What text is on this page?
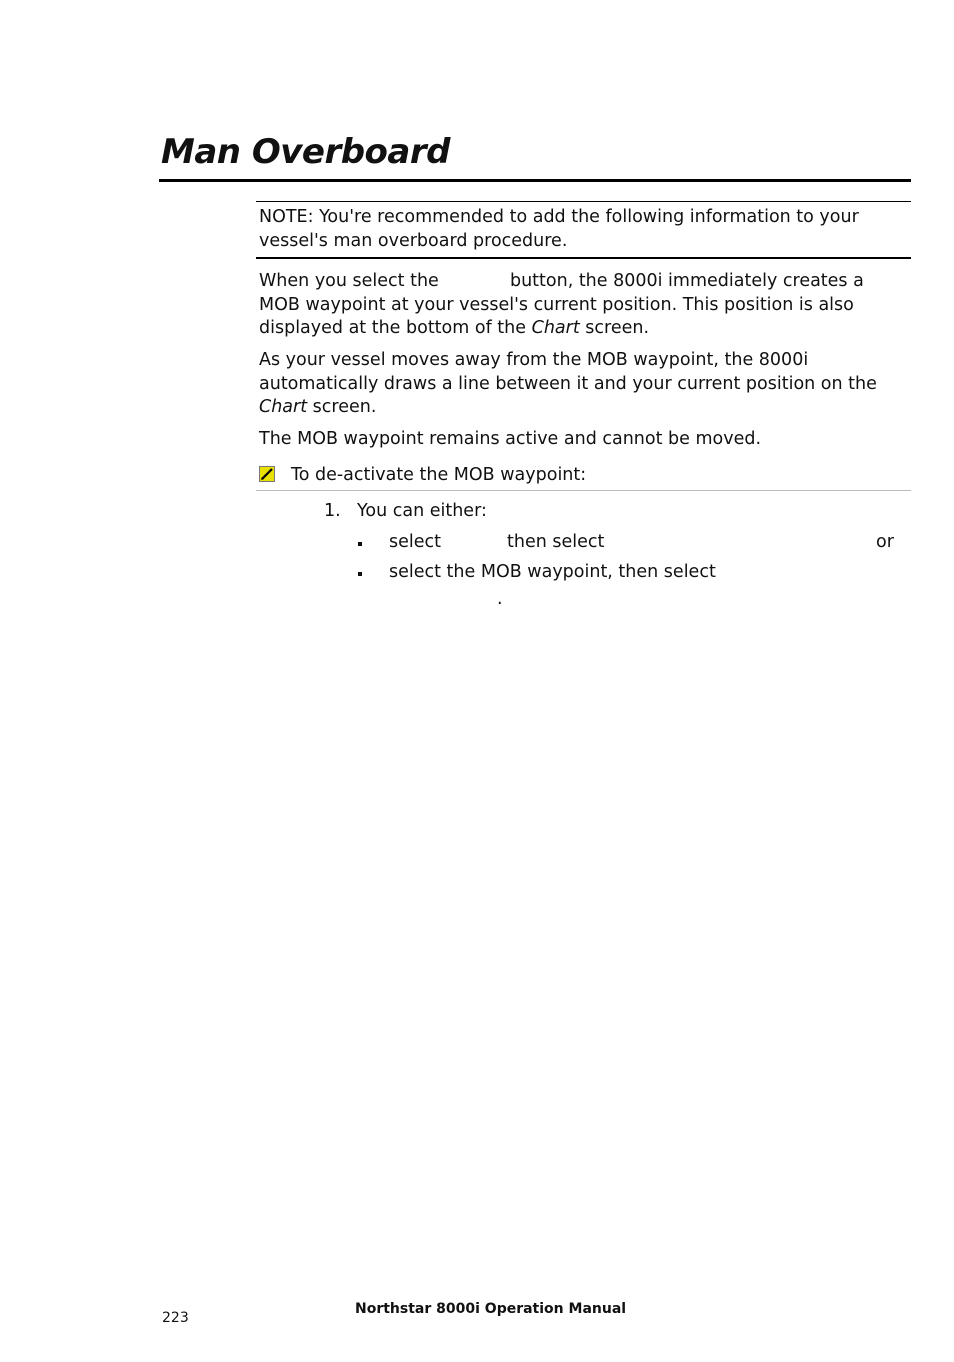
Man Overboard
NOTE: You're recommended to add the following information to your vessel's man overboard procedure.

When you select the	button, the 8000i immediately creates a MOB waypoint at your vessel's current position. This position is also displayed at the bottom of the Chart screen.

As your vessel moves away from the MOB waypoint, the 8000i automatically draws a line between it and your current position on the Chart screen.

The MOB waypoint remains active and cannot be moved.

To de-activate the MOB waypoint:
1. You can either:
select	then select	or
select the MOB waypoint, then select
.
223
Northstar 8000i Operation Manual
